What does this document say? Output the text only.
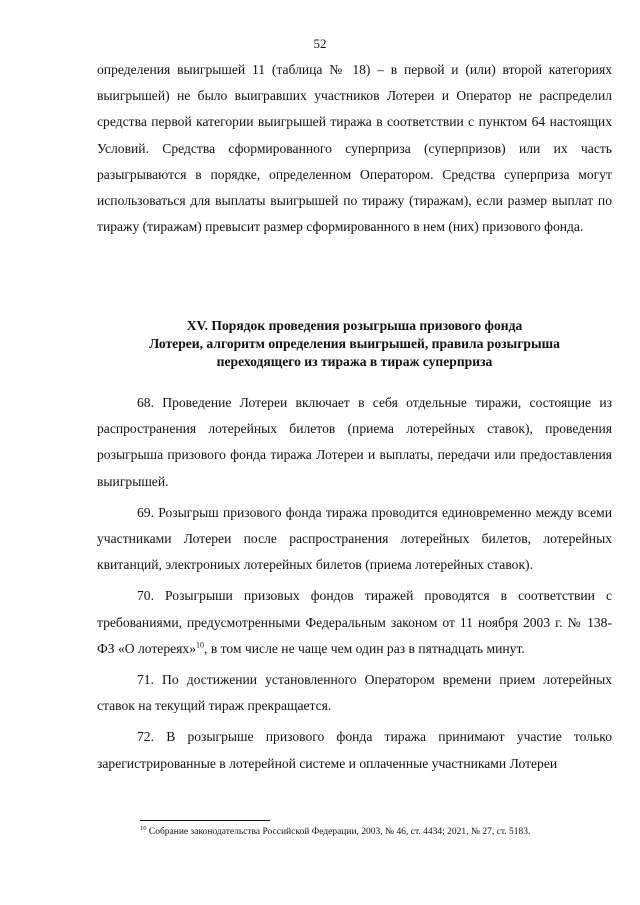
52

определения выигрышей 11 (таблица № 18) – в первой и (или) второй категориях выигрышей) не было выигравших участников Лотереи и Оператор не распределил средства первой категории выигрышей тиража в соответствии с пунктом 64 настоящих Условий. Средства сформированного суперприза (суперпризов) или их часть разыгрываются в порядке, определенном Оператором. Средства суперприза могут использоваться для выплаты выигрышей по тиражу (тиражам), если размер выплат по тиражу (тиражам) превысит размер сформированного в нем (них) призового фонда.

XV. Порядок проведения розыгрыша призового фонда
Лотереи, алгоритм определения выигрышей, правила розыгрыша
переходящего из тиража в тираж суперприза

68. Проведение Лотереи включает в себя отдельные тиражи, состоящие из распространения лотерейных билетов (приема лотерейных ставок), проведения розыгрыша призового фонда тиража Лотереи и выплаты, передачи или предоставления выигрышей.

69. Розыгрыш призового фонда тиража проводится единовременно между всеми участниками Лотереи после распространения лотерейных билетов, лотерейных квитанций, электрониых лотерейных билетов (приема лотерейных ставок).

70. Розыгрыши призовых фондов тиражей проводятся в соответствии с требованиями, предусмотренными Федеральным законом от 11 ноября 2003 г. № 138-ФЗ «О лотереях»$^{10}$, в том числе не чаще чем один раз в пятнадцать минут.

71. По достижении установленного Оператором времени прием лотерейных ставок на текущий тираж прекращается.

72. В розыгрыше призового фонда тиража принимают участие только зарегистрированные в лотерейной системе и оплаченные участниками Лотереи

$^{10}$ Собрание законодательства Российской Федерации, 2003, № 46, ст. 4434; 2021, № 27, ст. 5183.
